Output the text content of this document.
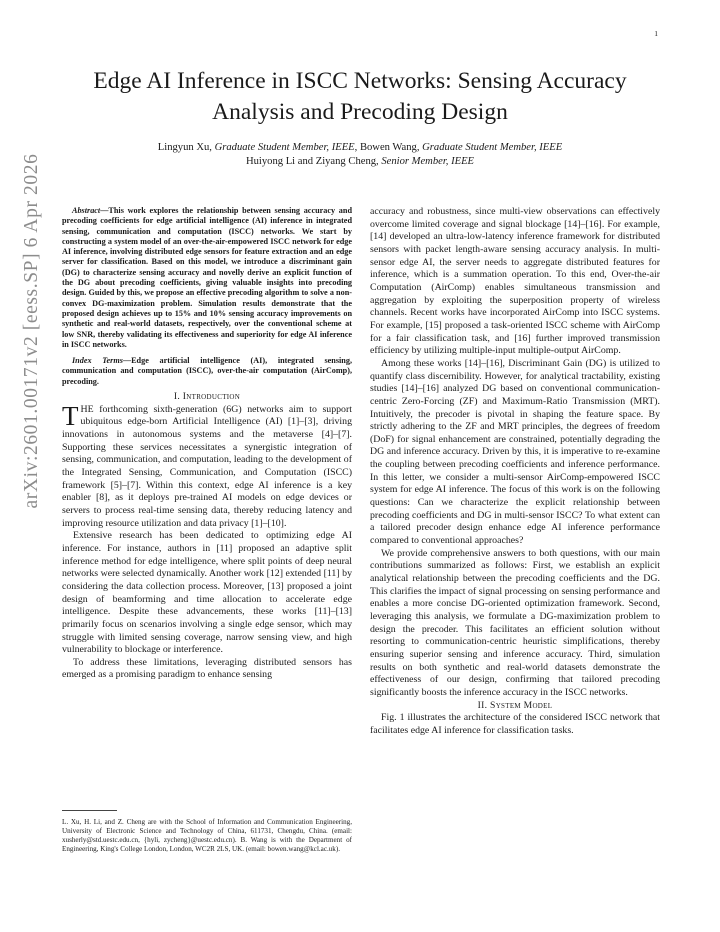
1
arXiv:2601.00171v2 [eess.SP] 6 Apr 2026
Edge AI Inference in ISCC Networks: Sensing Accuracy Analysis and Precoding Design
Lingyun Xu, Graduate Student Member, IEEE, Bowen Wang, Graduate Student Member, IEEE
Huiyong Li and Ziyang Cheng, Senior Member, IEEE

Abstract—This work explores the relationship between sensing accuracy and precoding coefficients for edge artificial intelligence (AI) inference in integrated sensing, communication and computation (ISCC) networks. We start by constructing a system model of an over-the-air-empowered ISCC network for edge AI inference, involving distributed edge sensors for feature extraction and an edge server for classification. Based on this model, we introduce a discriminant gain (DG) to characterize sensing accuracy and novelly derive an explicit function of the DG about precoding coefficients, giving valuable insights into precoding design. Guided by this, we propose an effective precoding algorithm to solve a non-convex DG-maximization problem. Simulation results demonstrate that the proposed design achieves up to 15% and 10% sensing accuracy improvements on synthetic and real-world datasets, respectively, over the conventional scheme at low SNR, thereby validating its effectiveness and superiority for edge AI inference in ISCC networks.

Index Terms—Edge artificial intelligence (AI), integrated sensing, communication and computation (ISCC), over-the-air computation (AirComp), precoding.

I. Introduction

THE forthcoming sixth-generation (6G) networks aim to support ubiquitous edge-born Artificial Intelligence (AI) [1]–[3], driving innovations in autonomous systems and the metaverse [4]–[7]. Supporting these services necessitates a synergistic integration of sensing, communication, and computation, leading to the development of the Integrated Sensing, Communication, and Computation (ISCC) framework [5]–[7]. Within this context, edge AI inference is a key enabler [8], as it deploys pre-trained AI models on edge devices or servers to process real-time sensing data, thereby reducing latency and improving resource utilization and data privacy [1]–[10].

Extensive research has been dedicated to optimizing edge AI inference. For instance, authors in [11] proposed an adaptive split inference method for edge intelligence, where split points of deep neural networks were selected dynamically. Another work [12] extended [11] by considering the data collection process. Moreover, [13] proposed a joint design of beamforming and time allocation to accelerate edge intelligence. Despite these advancements, these works [11]–[13] primarily focus on scenarios involving a single edge sensor, which may struggle with limited sensing coverage, narrow sensing view, and high vulnerability to blockage or interference.

To address these limitations, leveraging distributed sensors has emerged as a promising paradigm to enhance sensing

L. Xu, H. Li, and Z. Cheng are with the School of Information and Communication Engineering, University of Electronic Science and Technology of China, 611731, Chengdu, China. (email: xusherly@std.uestc.edu.cn, {hyli, zycheng}@uestc.edu.cn). B. Wang is with the Department of Engineering, King's College London, London, WC2R 2LS, UK. (email: bowen.wang@kcl.ac.uk).

accuracy and robustness, since multi-view observations can effectively overcome limited coverage and signal blockage [14]–[16]. For example, [14] developed an ultra-low-latency inference framework for distributed sensors with packet length-aware sensing accuracy analysis. In multi-sensor edge AI, the server needs to aggregate distributed features for inference, which is a summation operation. To this end, Over-the-air Computation (AirComp) enables simultaneous transmission and aggregation by exploiting the superposition property of wireless channels. Recent works have incorporated AirComp into ISCC systems. For example, [15] proposed a task-oriented ISCC scheme with AirComp for a fair classification task, and [16] further improved transmission efficiency by utilizing multiple-input multiple-output AirComp.

Among these works [14]–[16], Discriminant Gain (DG) is utilized to quantify class discernibility. However, for analytical tractability, existing studies [14]–[16] analyzed DG based on conventional communication-centric Zero-Forcing (ZF) and Maximum-Ratio Transmission (MRT). Intuitively, the precoder is pivotal in shaping the feature space. By strictly adhering to the ZF and MRT principles, the degrees of freedom (DoF) for signal enhancement are constrained, potentially degrading the DG and inference accuracy. Driven by this, it is imperative to re-examine the coupling between precoding coefficients and inference performance. In this letter, we consider a multi-sensor AirComp-empowered ISCC system for edge AI inference. The focus of this work is on the following questions: Can we characterize the explicit relationship between precoding coefficients and DG in multi-sensor ISCC? To what extent can a tailored precoder design enhance edge AI inference performance compared to conventional approaches?

We provide comprehensive answers to both questions, with our main contributions summarized as follows: First, we establish an explicit analytical relationship between the precoding coefficients and the DG. This clarifies the impact of signal processing on sensing performance and enables a more concise DG-oriented optimization framework. Second, leveraging this analysis, we formulate a DG-maximization problem to design the precoder. This facilitates an efficient solution without resorting to communication-centric heuristic simplifications, thereby ensuring superior sensing and inference accuracy. Third, simulation results on both synthetic and real-world datasets demonstrate the effectiveness of our design, confirming that tailored precoding significantly boosts the inference accuracy in the ISCC networks.

II. System Model

Fig. 1 illustrates the architecture of the considered ISCC network that facilitates edge AI inference for classification tasks.
